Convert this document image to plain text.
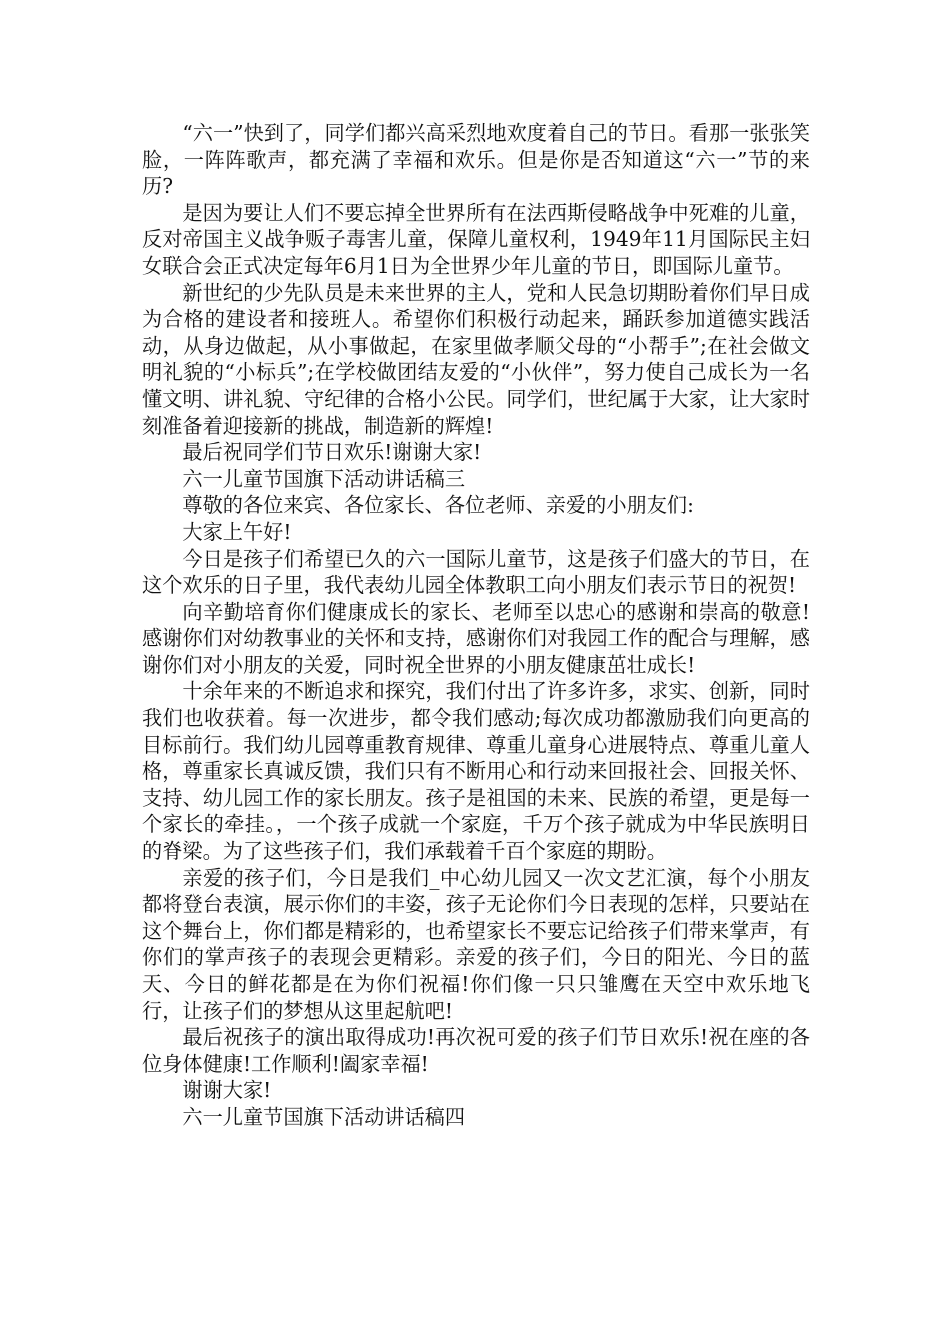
“六一”快到了，同学们都兴高采烈地欢度着自己的节日。看那一张张笑脸，一阵阵歌声，都充满了幸福和欢乐。但是你是否知道这“六一”节的来历?

是因为要让人们不要忘掉全世界所有在法西斯侵略战争中死难的儿童，反对帝国主义战争贩子毒害儿童，保障儿童权利，1949年11月国际民主妇女联合会正式决定每年6月1日为全世界少年儿童的节日，即国际儿童节。

新世纪的少先队员是未来世界的主人，党和人民急切期盼着你们早日成为合格的建设者和接班人。希望你们积极行动起来，踊跃参加道德实践活动，从身边做起，从小事做起，在家里做孝顺父母的“小帮手”;在社会做文明礼貌的“小标兵”;在学校做团结友爱的“小伙伴”，努力使自己成长为一名懂文明、讲礼貌、守纪律的合格小公民。同学们，世纪属于大家，让大家时刻准备着迎接新的挑战，制造新的辉煌!

最后祝同学们节日欢乐!谢谢大家!

六一儿童节国旗下活动讲话稿三

尊敬的各位来宾、各位家长、各位老师、亲爱的小朋友们:

大家上午好!

今日是孩子们希望已久的六一国际儿童节，这是孩子们盛大的节日，在这个欢乐的日子里，我代表幼儿园全体教职工向小朋友们表示节日的祝贺!

向辛勤培育你们健康成长的家长、老师至以忠心的感谢和崇高的敬意!感谢你们对幼教事业的关怀和支持，感谢你们对我园工作的配合与理解，感谢你们对小朋友的关爱，同时祝全世界的小朋友健康茁壮成长!

十余年来的不断追求和探究，我们付出了许多许多，求实、创新，同时我们也收获着。每一次进步，都令我们感动;每次成功都激励我们向更高的目标前行。我们幼儿园尊重教育规律、尊重儿童身心进展特点、尊重儿童人格，尊重家长真诚反馈，我们只有不断用心和行动来回报社会、回报关怀、支持、幼儿园工作的家长朋友。孩子是祖国的未来、民族的希望，更是每一个家长的牵挂。，一个孩子成就一个家庭，千万个孩子就成为中华民族明日的脊梁。为了这些孩子们，我们承载着千百个家庭的期盼。

亲爱的孩子们，今日是我们_中心幼儿园又一次文艺汇演，每个小朋友都将登台表演，展示你们的丰姿，孩子无论你们今日表现的怎样，只要站在这个舞台上，你们都是精彩的，也希望家长不要忘记给孩子们带来掌声，有你们的掌声孩子的表现会更精彩。亲爱的孩子们，今日的阳光、今日的蓝天、今日的鲜花都是在为你们祝福!你们像一只只雏鹰在天空中欢乐地飞行，让孩子们的梦想从这里起航吧!

最后祝孩子的演出取得成功!再次祝可爱的孩子们节日欢乐!祝在座的各位身体健康!工作顺利!阖家幸福!

谢谢大家!

六一儿童节国旗下活动讲话稿四
